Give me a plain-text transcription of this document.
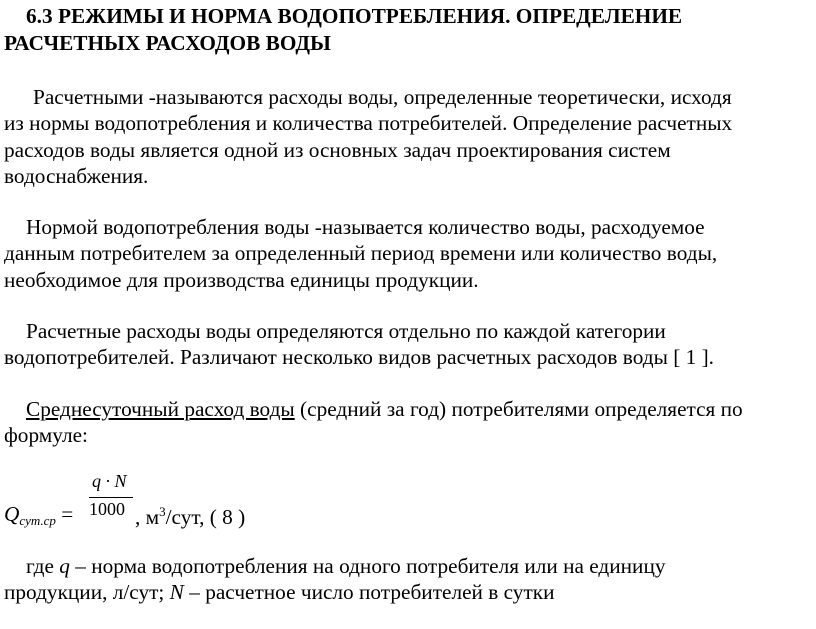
6.3 РЕЖИМЫ И НОРМА ВОДОПОТРЕБЛЕНИЯ. ОПРЕДЕЛЕНИЕ
РАСЧЕТНЫХ РАСХОДОВ ВОДЫ

Расчетными -называются расходы воды, определенные теоретически, исходя
из нормы водопотребления и количества потребителей. Определение расчетных
расходов воды является одной из основных задач проектирования систем
водоснабжения.

Нормой водопотребления воды -называется количество воды, расходуемое
данным потребителем за определенный период времени или количество воды,
необходимое для производства единицы продукции.

Расчетные расходы воды определяются отдельно по каждой категории
водопотребителей. Различают несколько видов расчетных расходов воды [ 1 ].

Среднесуточный расход воды (средний за год) потребителями определяется по
формуле:

$Q_{сут.ср}$ =
q · N
1000 , $м^3$/сут, ( 8 )

где q – норма водопотребления на одного потребителя или на единицу
продукции, л/сут; N – расчетное число потребителей в сутки
